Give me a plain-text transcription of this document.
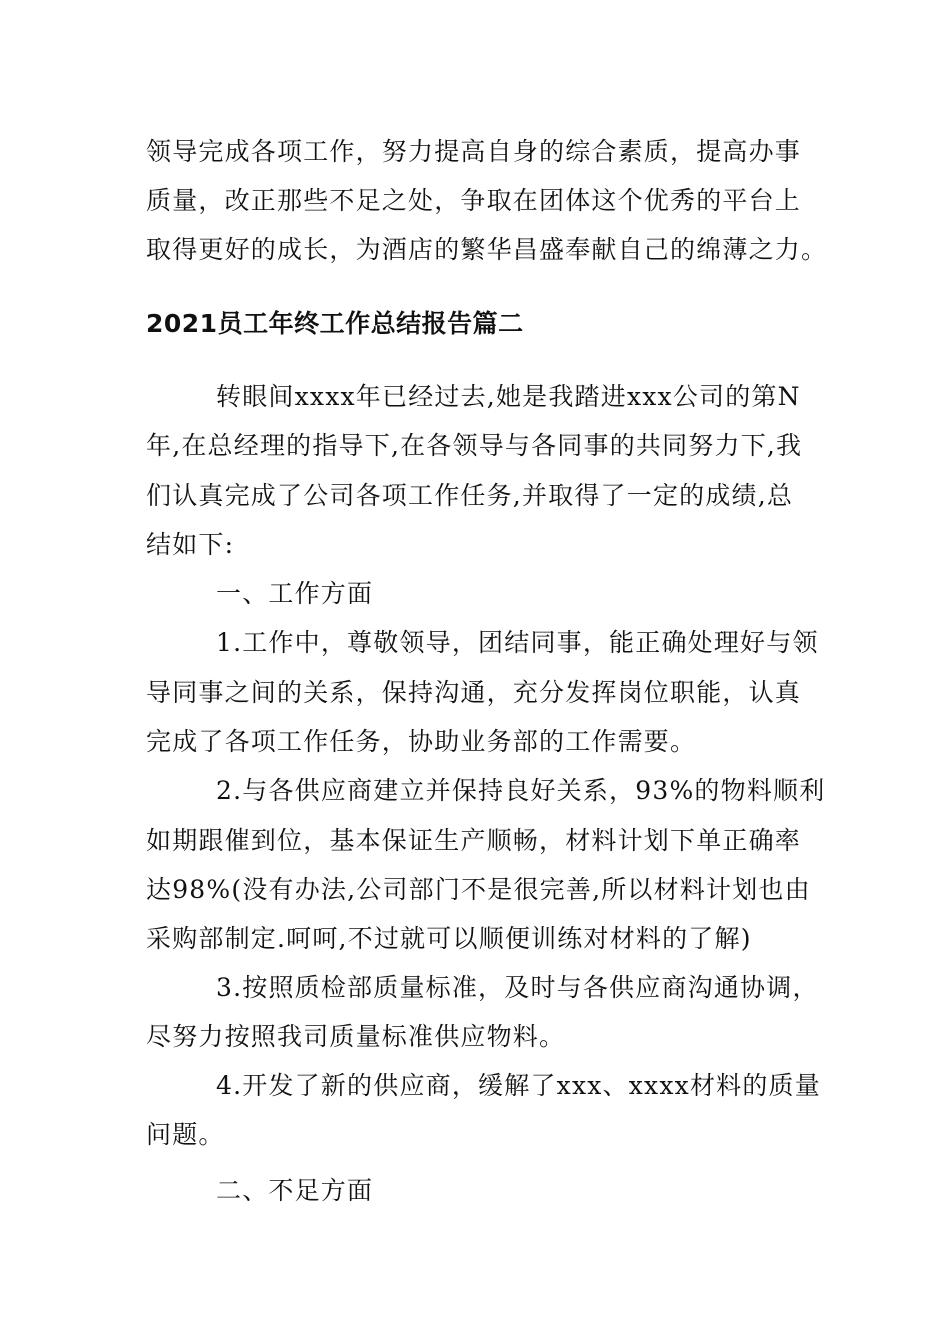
领导完成各项工作，努力提高自身的综合素质，提高办事
质量，改正那些不足之处，争取在团体这个优秀的平台上
取得更好的成长，为酒店的繁华昌盛奉献自己的绵薄之力。
2021员工年终工作总结报告篇二
转眼间xxxx年已经过去,她是我踏进xxx公司的第N
年,在总经理的指导下,在各领导与各同事的共同努力下,我
们认真完成了公司各项工作任务,并取得了一定的成绩,总
结如下:
一、工作方面
1.工作中，尊敬领导，团结同事，能正确处理好与领
导同事之间的关系，保持沟通，充分发挥岗位职能，认真
完成了各项工作任务，协助业务部的工作需要。
2.与各供应商建立并保持良好关系，93%的物料顺利
如期跟催到位，基本保证生产顺畅，材料计划下单正确率
达98%(没有办法,公司部门不是很完善,所以材料计划也由
采购部制定.呵呵,不过就可以顺便训练对材料的了解)
3.按照质检部质量标准，及时与各供应商沟通协调，
尽努力按照我司质量标准供应物料。
4.开发了新的供应商，缓解了xxx、xxxx材料的质量
问题。
二、不足方面
